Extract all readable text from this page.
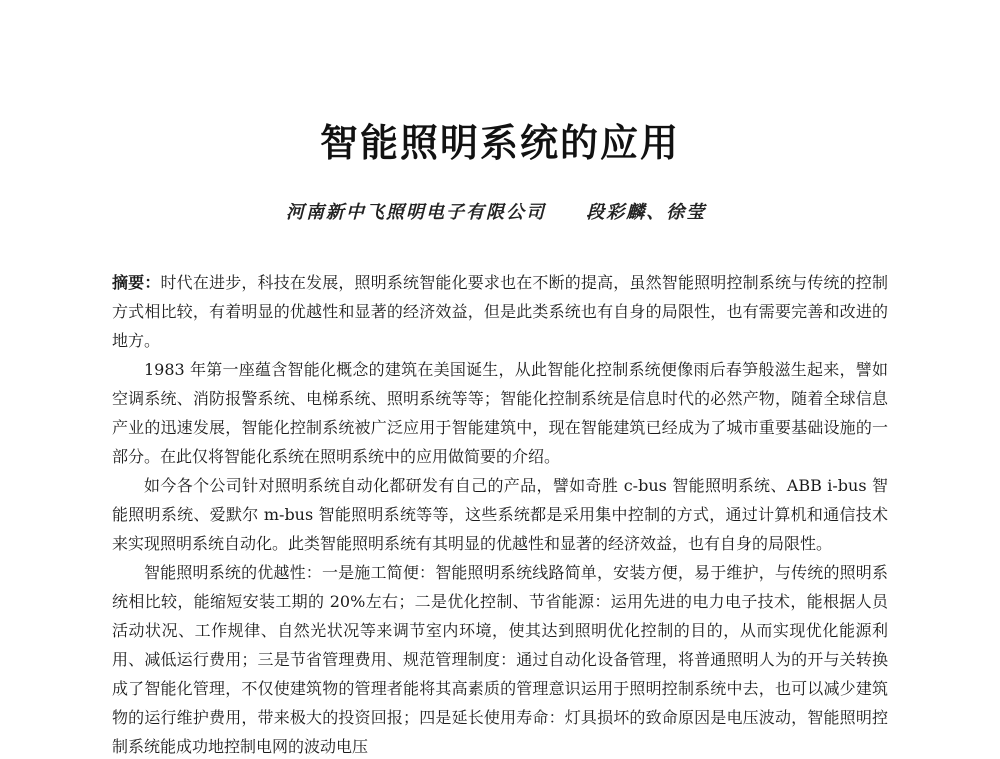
智能照明系统的应用
河南新中飞照明电子有限公司 段彩麟、徐莹

摘要：时代在进步，科技在发展，照明系统智能化要求也在不断的提高，虽然智能照明控制系统与传统的控制方式相比较，有着明显的优越性和显著的经济效益，但是此类系统也有自身的局限性，也有需要完善和改进的地方。

1983 年第一座蕴含智能化概念的建筑在美国诞生，从此智能化控制系统便像雨后春笋般滋生起来，譬如空调系统、消防报警系统、电梯系统、照明系统等等；智能化控制系统是信息时代的必然产物，随着全球信息产业的迅速发展，智能化控制系统被广泛应用于智能建筑中，现在智能建筑已经成为了城市重要基础设施的一部分。在此仅将智能化系统在照明系统中的应用做简要的介绍。

如今各个公司针对照明系统自动化都研发有自己的产品，譬如奇胜 c-bus 智能照明系统、ABB i-bus 智能照明系统、爱默尔 m-bus 智能照明系统等等，这些系统都是采用集中控制的方式，通过计算机和通信技术来实现照明系统自动化。此类智能照明系统有其明显的优越性和显著的经济效益，也有自身的局限性。

智能照明系统的优越性：一是施工简便：智能照明系统线路简单，安装方便，易于维护，与传统的照明系统相比较，能缩短安装工期的 20%左右；二是优化控制、节省能源：运用先进的电力电子技术，能根据人员活动状况、工作规律、自然光状况等来调节室内环境，使其达到照明优化控制的目的，从而实现优化能源利用、减低运行费用；三是节省管理费用、规范管理制度：通过自动化设备管理，将普通照明人为的开与关转换成了智能化管理，不仅使建筑物的管理者能将其高素质的管理意识运用于照明控制系统中去，也可以减少建筑物的运行维护费用，带来极大的投资回报；四是延长使用寿命：灯具损坏的致命原因是电压波动，智能照明控制系统能成功地控制电网的波动电压
